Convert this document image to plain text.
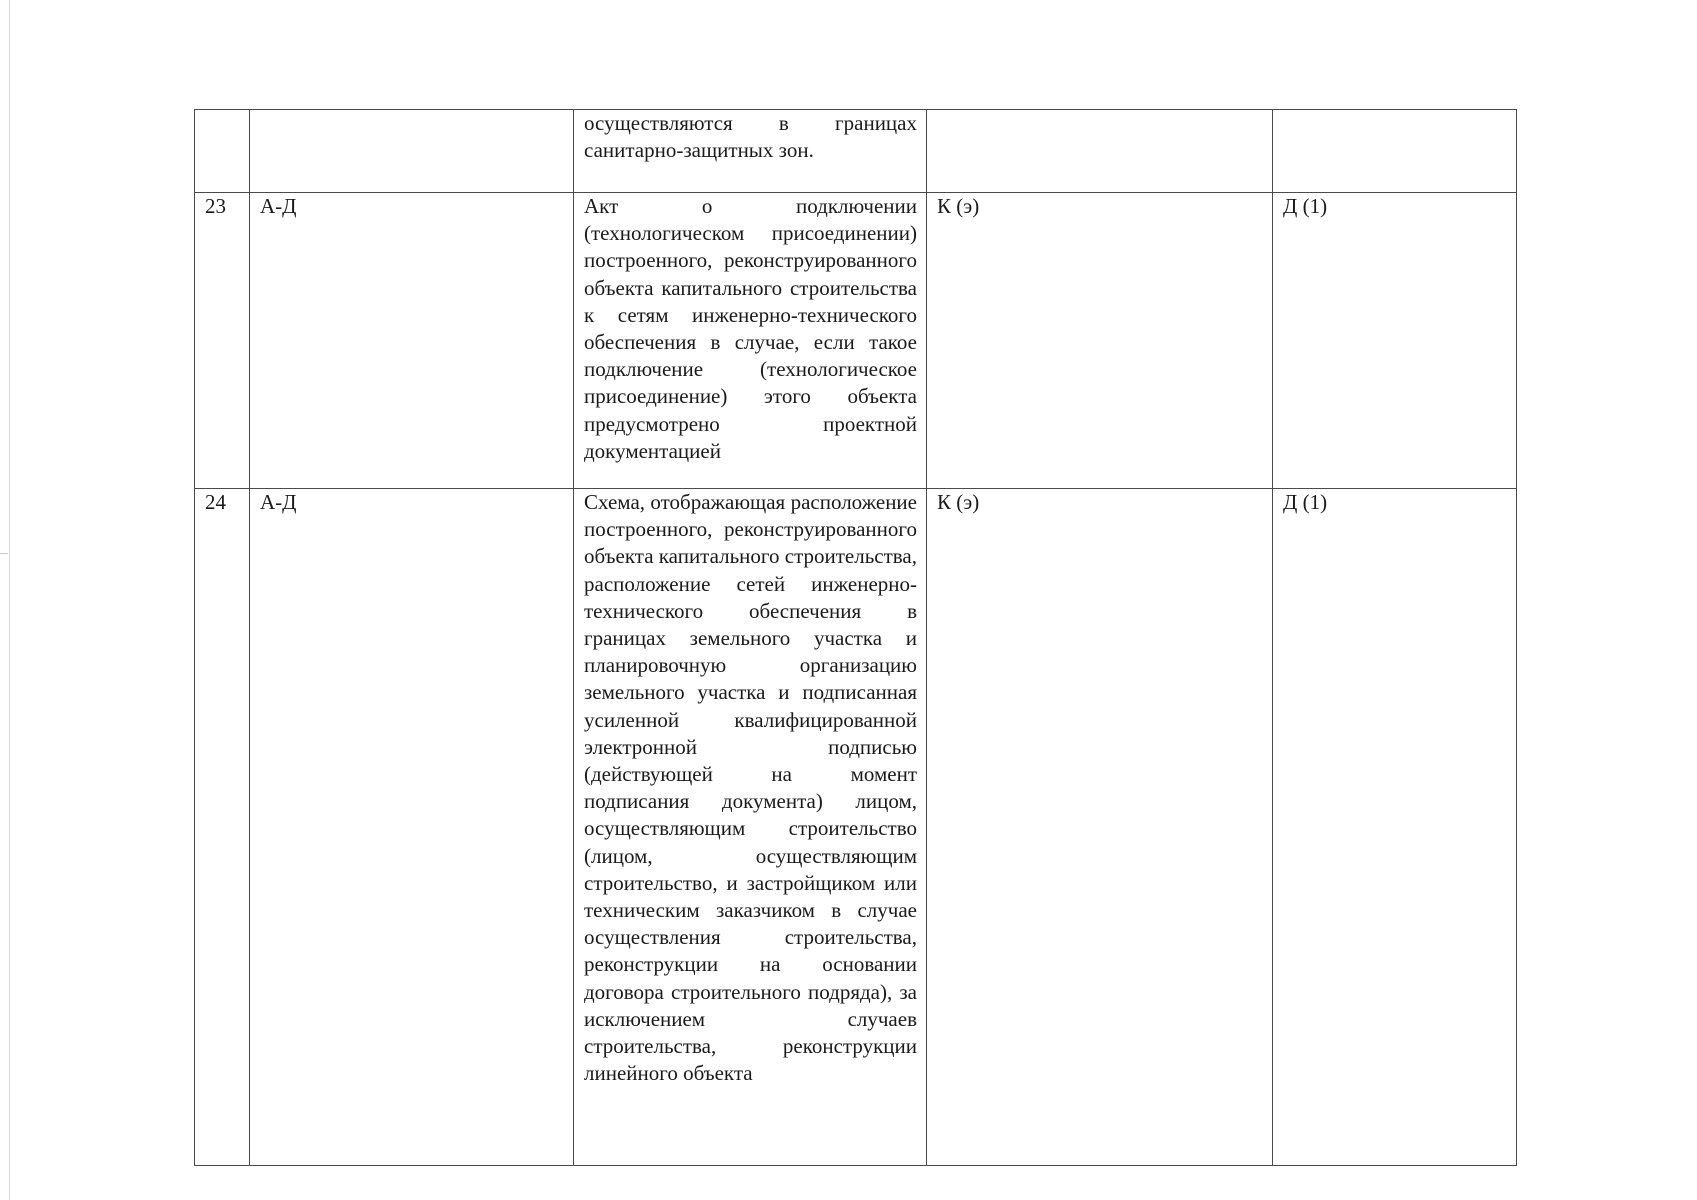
		осуществляются в границах санитарно-защитных зон.		
23	А-Д	Акт о подключении (технологическом присоединении) построенного, реконструированного объекта капитального строительства к сетям инженерно-технического обеспечения в случае, если такое подключение (технологическое присоединение) этого объекта предусмотрено проектной документацией	К (э)	Д (1)
24	А-Д	Схема, отображающая расположение построенного, реконструированного объекта капитального строительства, расположение сетей инженерно-технического обеспечения в границах земельного участка и планировочную организацию земельного участка и подписанная усиленной квалифицированной электронной подписью (действующей на момент подписания документа) лицом, осуществляющим строительство (лицом, осуществляющим строительство, и застройщиком или техническим заказчиком в случае осуществления строительства, реконструкции на основании договора строительного подряда), за исключением случаев строительства, реконструкции линейного объекта	К (э)	Д (1)
